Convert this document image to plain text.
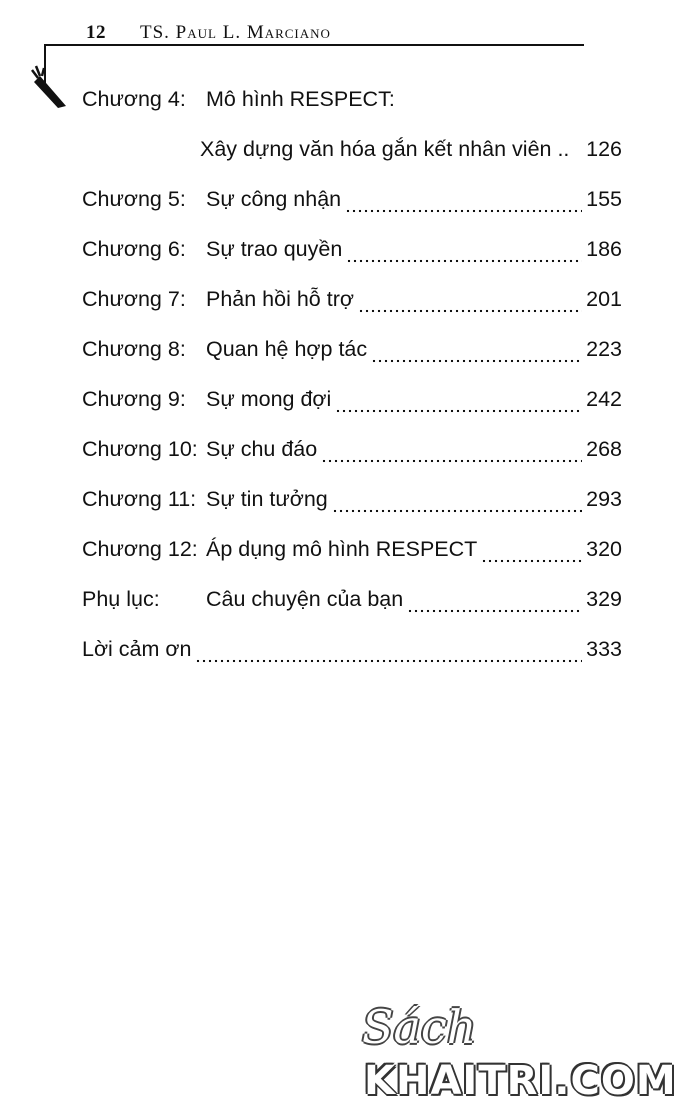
12 TS. Paul L. Marciano
Chương 4: Mô hình RESPECT:
Xây dựng văn hóa gắn kết nhân viên .. 126
Chương 5: Sự công nhận	155
Chương 6: Sự trao quyền	186
Chương 7: Phản hồi hỗ trợ	201
Chương 8: Quan hệ hợp tác	223
Chương 9: Sự mong đợi	242
Chương 10: Sự chu đáo	268
Chương 11: Sự tin tưởng	293
Chương 12: Áp dụng mô hình RESPECT	320
Phụ lục: Câu chuyện của bạn	329
Lời cảm ơn	333
Sách
KHAITRI.COM
